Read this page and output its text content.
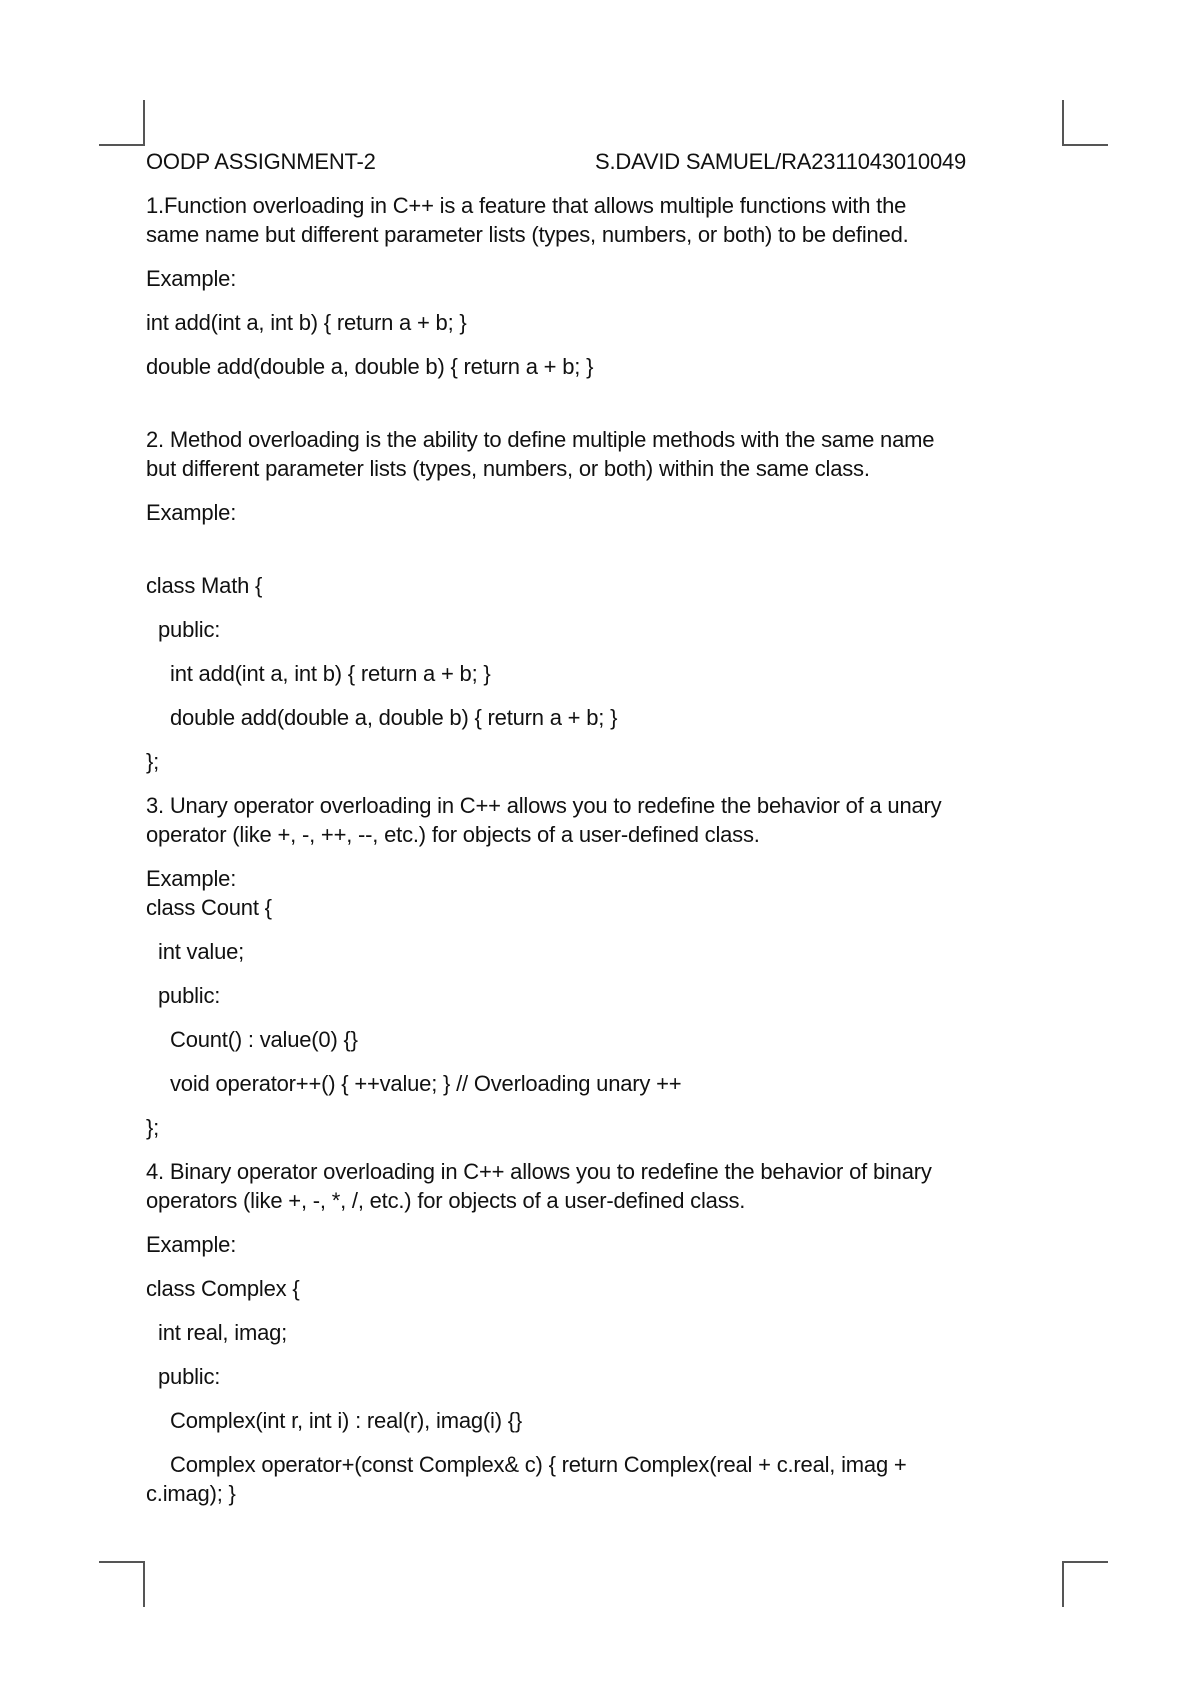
OODP ASSIGNMENT-2	S.DAVID SAMUEL/RA2311043010049
1.Function overloading in C++ is a feature that allows multiple functions with the
same name but different parameter lists (types, numbers, or both) to be defined.
Example:
int add(int a, int b) { return a + b; }
double add(double a, double b) { return a + b; }
2. Method overloading is the ability to define multiple methods with the same name
but different parameter lists (types, numbers, or both) within the same class.
Example:
class Math {
public:
int add(int a, int b) { return a + b; }
double add(double a, double b) { return a + b; }
};
3. Unary operator overloading in C++ allows you to redefine the behavior of a unary
operator (like +, -, ++, --, etc.) for objects of a user-defined class.
Example:
class Count {
int value;
public:
Count() : value(0) {}
void operator++() { ++value; } // Overloading unary ++
};
4. Binary operator overloading in C++ allows you to redefine the behavior of binary
operators (like +, -, *, /, etc.) for objects of a user-defined class.
Example:
class Complex {
int real, imag;
public:
Complex(int r, int i) : real(r), imag(i) {}
Complex operator+(const Complex& c) { return Complex(real + c.real, imag +
c.imag); }
